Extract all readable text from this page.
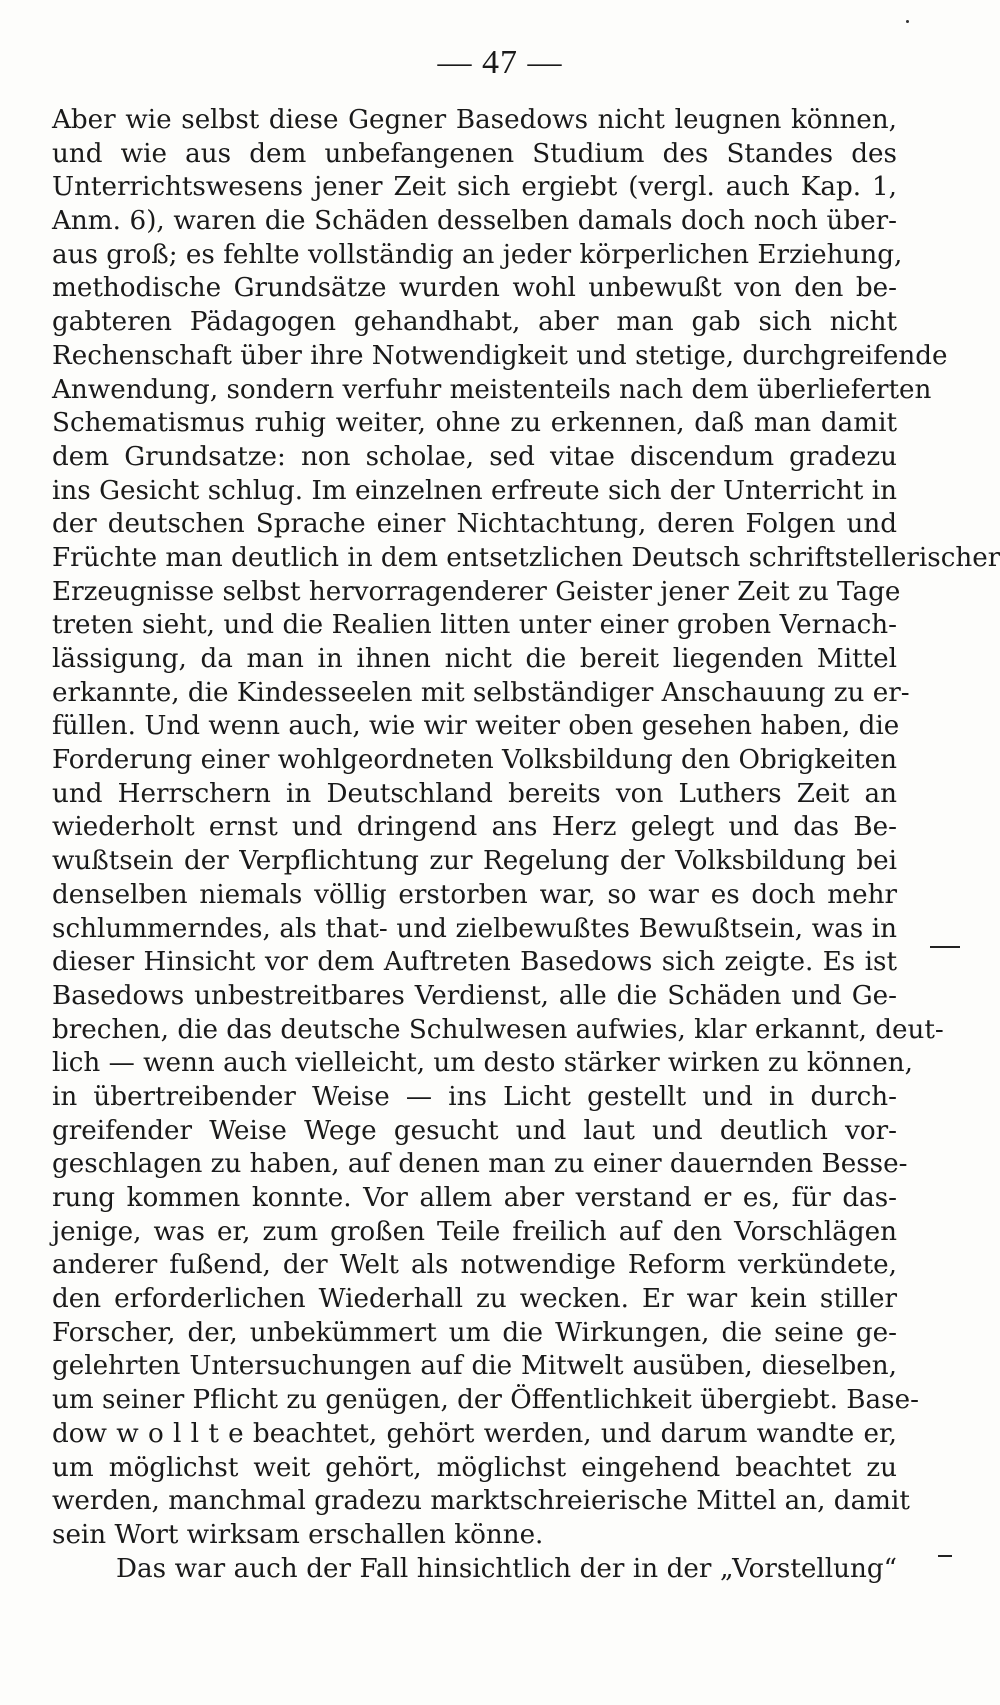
— 47 —
Aber wie selbst diese Gegner Basedows nicht leugnen können,
und wie aus dem unbefangenen Studium des Standes des
Unterrichtswesens jener Zeit sich ergiebt (vergl. auch Kap. 1,
Anm. 6), waren die Schäden desselben damals doch noch über-
aus groß; es fehlte vollständig an jeder körperlichen Erziehung,
methodische Grundsätze wurden wohl unbewußt von den be-
gabteren Pädagogen gehandhabt, aber man gab sich nicht
Rechenschaft über ihre Notwendigkeit und stetige, durchgreifende
Anwendung, sondern verfuhr meistenteils nach dem überlieferten
Schematismus ruhig weiter, ohne zu erkennen, daß man damit
dem Grundsatze: non scholae, sed vitae discendum gradezu
ins Gesicht schlug. Im einzelnen erfreute sich der Unterricht in
der deutschen Sprache einer Nichtachtung, deren Folgen und
Früchte man deutlich in dem entsetzlichen Deutsch schriftstellerischer
Erzeugnisse selbst hervorragenderer Geister jener Zeit zu Tage
treten sieht, und die Realien litten unter einer groben Vernach-
lässigung, da man in ihnen nicht die bereit liegenden Mittel
erkannte, die Kindesseelen mit selbständiger Anschauung zu er-
füllen. Und wenn auch, wie wir weiter oben gesehen haben, die
Forderung einer wohlgeordneten Volksbildung den Obrigkeiten
und Herrschern in Deutschland bereits von Luthers Zeit an
wiederholt ernst und dringend ans Herz gelegt und das Be-
wußtsein der Verpflichtung zur Regelung der Volksbildung bei
denselben niemals völlig erstorben war, so war es doch mehr
schlummerndes, als that- und zielbewußtes Bewußtsein, was in
dieser Hinsicht vor dem Auftreten Basedows sich zeigte. Es ist
Basedows unbestreitbares Verdienst, alle die Schäden und Ge-
brechen, die das deutsche Schulwesen aufwies, klar erkannt, deut-
lich — wenn auch vielleicht, um desto stärker wirken zu können,
in übertreibender Weise — ins Licht gestellt und in durch-
greifender Weise Wege gesucht und laut und deutlich vor-
geschlagen zu haben, auf denen man zu einer dauernden Besse-
rung kommen konnte. Vor allem aber verstand er es, für das-
jenige, was er, zum großen Teile freilich auf den Vorschlägen
anderer fußend, der Welt als notwendige Reform verkündete,
den erforderlichen Wiederhall zu wecken. Er war kein stiller
Forscher, der, unbekümmert um die Wirkungen, die seine ge-
gelehrten Untersuchungen auf die Mitwelt ausüben, dieselben,
um seiner Pflicht zu genügen, der Öffentlichkeit übergiebt. Base-
dow w o l l t e beachtet, gehört werden, und darum wandte er,
um möglichst weit gehört, möglichst eingehend beachtet zu
werden, manchmal gradezu marktschreierische Mittel an, damit
sein Wort wirksam erschallen könne.
Das war auch der Fall hinsichtlich der in der „Vorstellung“
